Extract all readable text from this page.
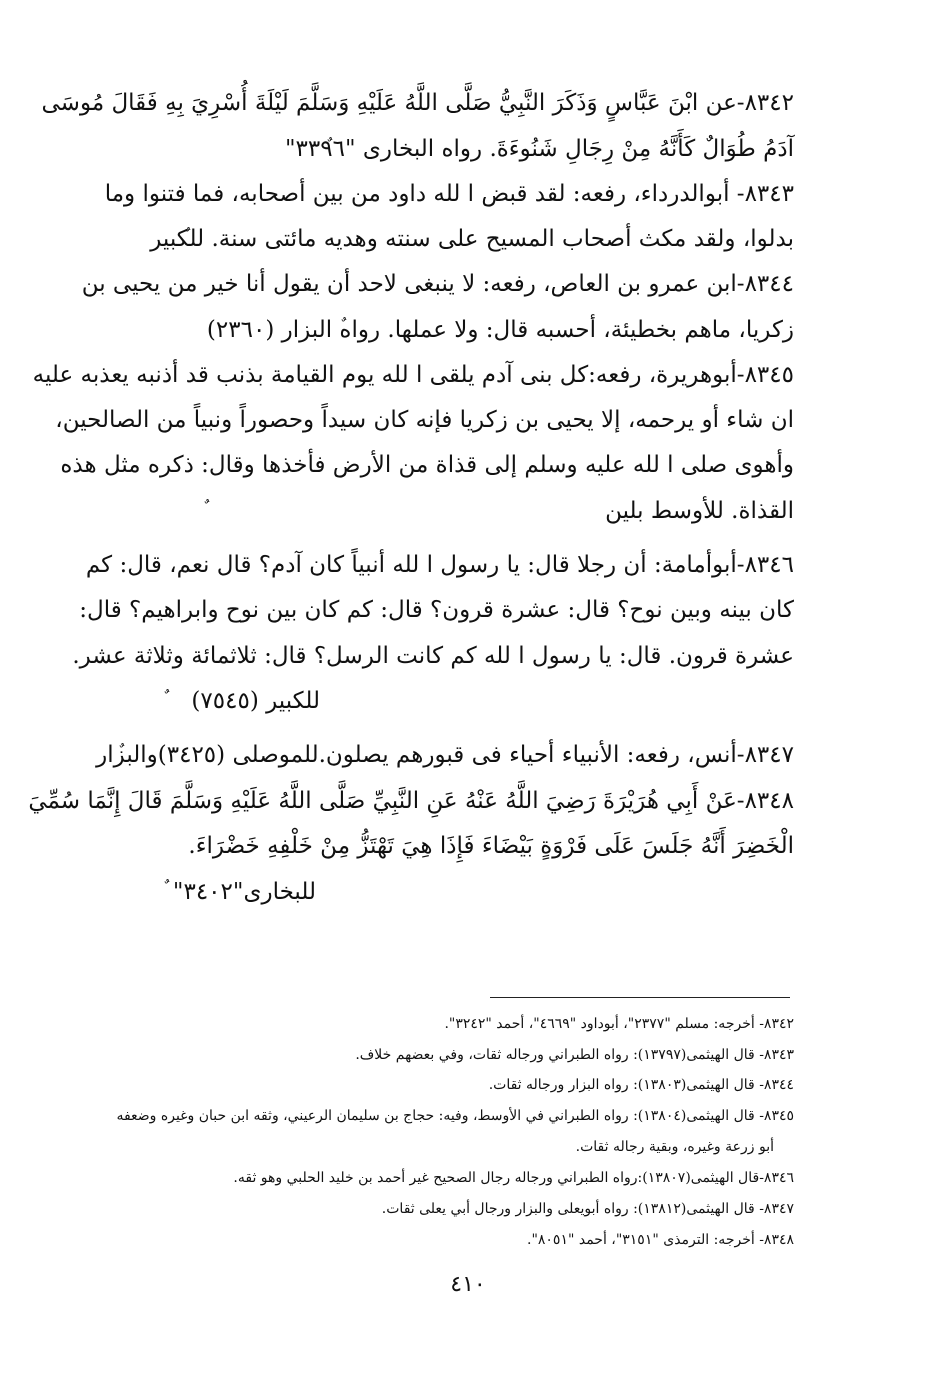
٨٣٤٢-عن ابْنَ عَبَّاسٍ وَذَكَرَ النَّبِيُّ صَلَّى اللَّهُ عَلَيْهِ وَسَلَّمَ لَيْلَةَ أُسْرِيَ بِهِ فَقَالَ مُوسَى
آدَمُ طُوَالٌ كَأَنَّهُ مِنْ رِجَالِ شَنُوءَةَ. رواه البخارى "٣٣٩٦"
٨٣٤٣- أبوالدرداء، رفعه: لقد قبض ا لله داود من بين أصحابه، فما فتنوا وما
بدلوا، ولقد مكث أصحاب المسيح على سنته وهديه مائتى سنة. للكبير
٨٣٤٤-ابن عمرو بن العاص، رفعه: لا ينبغى لاحد أن يقول أنا خير من يحيى بن
زكريا، ماهم بخطيئة، أحسبه قال: ولا عملها. رواه البزار (٢٣٦٠)
٨٣٤٥-أبوهريرة، رفعه:كل بنى آدم يلقى ا لله يوم القيامة بذنب قد أذنبه يعذبه عليه
ان شاء أو يرحمه، إلا يحيى بن زكريا فإنه كان سيداً وحصوراً ونبياً من الصالحين،
وأهوى صلى ا لله عليه وسلم إلى قذاة من الأرض فأخذها وقال: ذكره مثل هذه
القذاة. للأوسط بلين
٨٣٤٦-أبوأمامة: أن رجلا قال: يا رسول ا لله أنبياً كان آدم؟ قال نعم، قال: كم
كان بينه وبين نوح؟ قال: عشرة قرون؟ قال: كم كان بين نوح وابراهيم؟ قال:
عشرة قرون. قال: يا رسول ا لله كم كانت الرسل؟ قال: ثلاثمائة وثلاثة عشر.
للكبير (٧٥٤٥)
٨٣٤٧-أنس، رفعه: الأنبياء أحياء فى قبورهم يصلون.للموصلى (٣٤٢٥)والبزار
٨٣٤٨-عَنْ أَبِي هُرَيْرَةَ رَضِيَ اللَّهُ عَنْهُ عَنِ النَّبِيِّ صَلَّى اللَّهُ عَلَيْهِ وَسَلَّمَ قَالَ إِنَّمَا سُمِّيَ
الْخَضِرَ أَنَّهُ جَلَسَ عَلَى فَرْوَةٍ بَيْضَاءَ فَإِذَا هِيَ تَهْتَزُّ مِنْ خَلْفِهِ خَضْرَاءَ.
للبخارى"٣٤٠٢"
٨٣٤٢- أخرجه: مسلم "٢٣٧٧"، أبوداود "٤٦٦٩"، أحمد "٣٢٤٢".
٨٣٤٣- قال الهيثمى(١٣٧٩٧): رواه الطبراني ورجاله ثقات، وفي بعضهم خلاف.
٨٣٤٤- قال الهيثمى(١٣٨٠٣): رواه البزار ورجاله ثقات.
٨٣٤٥- قال الهيثمى(١٣٨٠٤): رواه الطبراني في الأوسط، وفيه: حجاج بن سليمان الرعيني، وثقه ابن حبان وغيره وضعفه
أبو زرعة وغيره، وبقية رجاله ثقات.
٨٣٤٦-قال الهيثمى(١٣٨٠٧):رواه الطبراني ورجاله رجال الصحيح غير أحمد بن خليد الحلبي وهو ثقه.
٨٣٤٧- قال الهيثمى(١٣٨١٢): رواه أبويعلى والبزار ورجال أبي يعلى ثقات.
٨٣٤٨- أخرجه: الترمذى "٣١٥١"، أحمد "٨٠٥١".
٤١٠
